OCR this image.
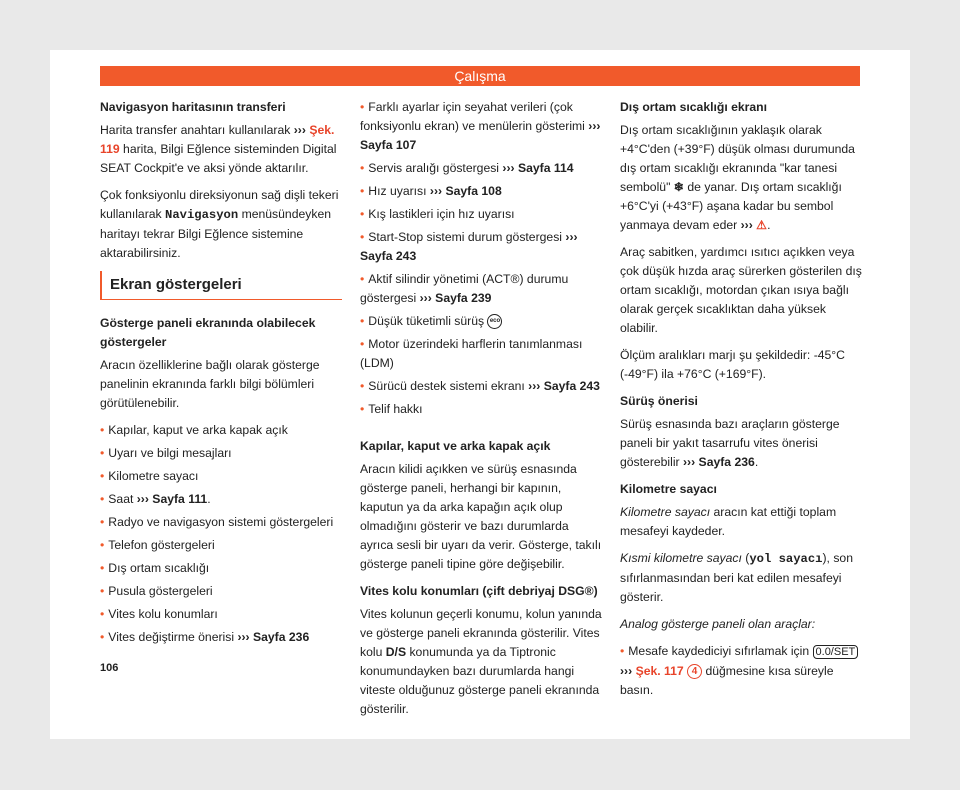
Çalışma
Navigasyon haritasının transferi
Harita transfer anahtarı kullanılarak ››› Şek. 119 harita, Bilgi Eğlence sisteminden Digital SEAT Cockpit'e ve aksi yönde aktarılır.
Çok fonksiyonlu direksiyonun sağ dişli tekeri kullanılarak Navigasyon menüsündeyken haritayı tekrar Bilgi Eğlence sistemine aktarabilirsiniz.
Ekran göstergeleri
Gösterge paneli ekranında olabilecek göstergeler
Aracın özelliklerine bağlı olarak gösterge panelinin ekranında farklı bilgi bölümleri görütülenebilir.
• Kapılar, kaput ve arka kapak açık
• Uyarı ve bilgi mesajları
• Kilometre sayacı
• Saat ››› Sayfa 111.
• Radyo ve navigasyon sistemi göstergeleri
• Telefon göstergeleri
• Dış ortam sıcaklığı
• Pusula göstergeleri
• Vites kolu konumları
• Vites değiştirme önerisi ››› Sayfa 236
• Farklı ayarlar için seyahat verileri (çok fonksiyonlu ekran) ve menülerin gösterimi ››› Sayfa 107
• Servis aralığı göstergesi ››› Sayfa 114
• Hız uyarısı ››› Sayfa 108
• Kış lastikleri için hız uyarısı
• Start-Stop sistemi durum göstergesi ››› Sayfa 243
• Aktif silindir yönetimi (ACT®) durumu göstergesi ››› Sayfa 239
• Düşük tüketimli sürüş eco
• Motor üzerindeki harflerin tanımlanması (LDM)
• Sürücü destek sistemi ekranı ››› Sayfa 243
• Telif hakkı
Kapılar, kaput ve arka kapak açık
Aracın kilidi açıkken ve sürüş esnasında gösterge paneli, herhangi bir kapının, kaputun ya da arka kapağın açık olup olmadığını gösterir ve bazı durumlarda ayrıca sesli bir uyarı da verir. Gösterge, takılı gösterge paneli tipine göre değişebilir.
Vites kolu konumları (çift debriyaj DSG®)
Vites kolunun geçerli konumu, kolun yanında ve gösterge paneli ekranında gösterilir. Vites kolu D/S konumunda ya da Tiptronic konumundayken bazı durumlarda hangi viteste olduğunuz gösterge paneli ekranında gösterilir.
Dış ortam sıcaklığı ekranı
Dış ortam sıcaklığının yaklaşık olarak +4°C'den (+39°F) düşük olması durumunda dış ortam sıcaklığı ekranında "kar tanesi sembolü" ❄ de yanar. Dış ortam sıcaklığı +6°C'yi (+43°F) aşana kadar bu sembol yanmaya devam eder ››› ⚠.
Araç sabitken, yardımcı ısıtıcı açıkken veya çok düşük hızda araç sürerken gösterilen dış ortam sıcaklığı, motordan çıkan ısıya bağlı olarak gerçek sıcaklıktan daha yüksek olabilir.
Ölçüm aralıkları marjı şu şekildedir: -45°C (-49°F) ila +76°C (+169°F).
Sürüş önerisi
Sürüş esnasında bazı araçların gösterge paneli bir yakıt tasarrufu vites önerisi gösterebilir ››› Sayfa 236.
Kilometre sayacı
Kilometre sayacı aracın kat ettiği toplam mesafeyi kaydeder.
Kısmi kilometre sayacı (yol sayacı), son sıfırlanmasından beri kat edilen mesafeyi gösterir.
Analog gösterge paneli olan araçlar:
• Mesafe kaydediciyi sıfırlamak için 0.0/SET ››› Şek. 117 4 düğmesine kısa süreyle basın.
106
